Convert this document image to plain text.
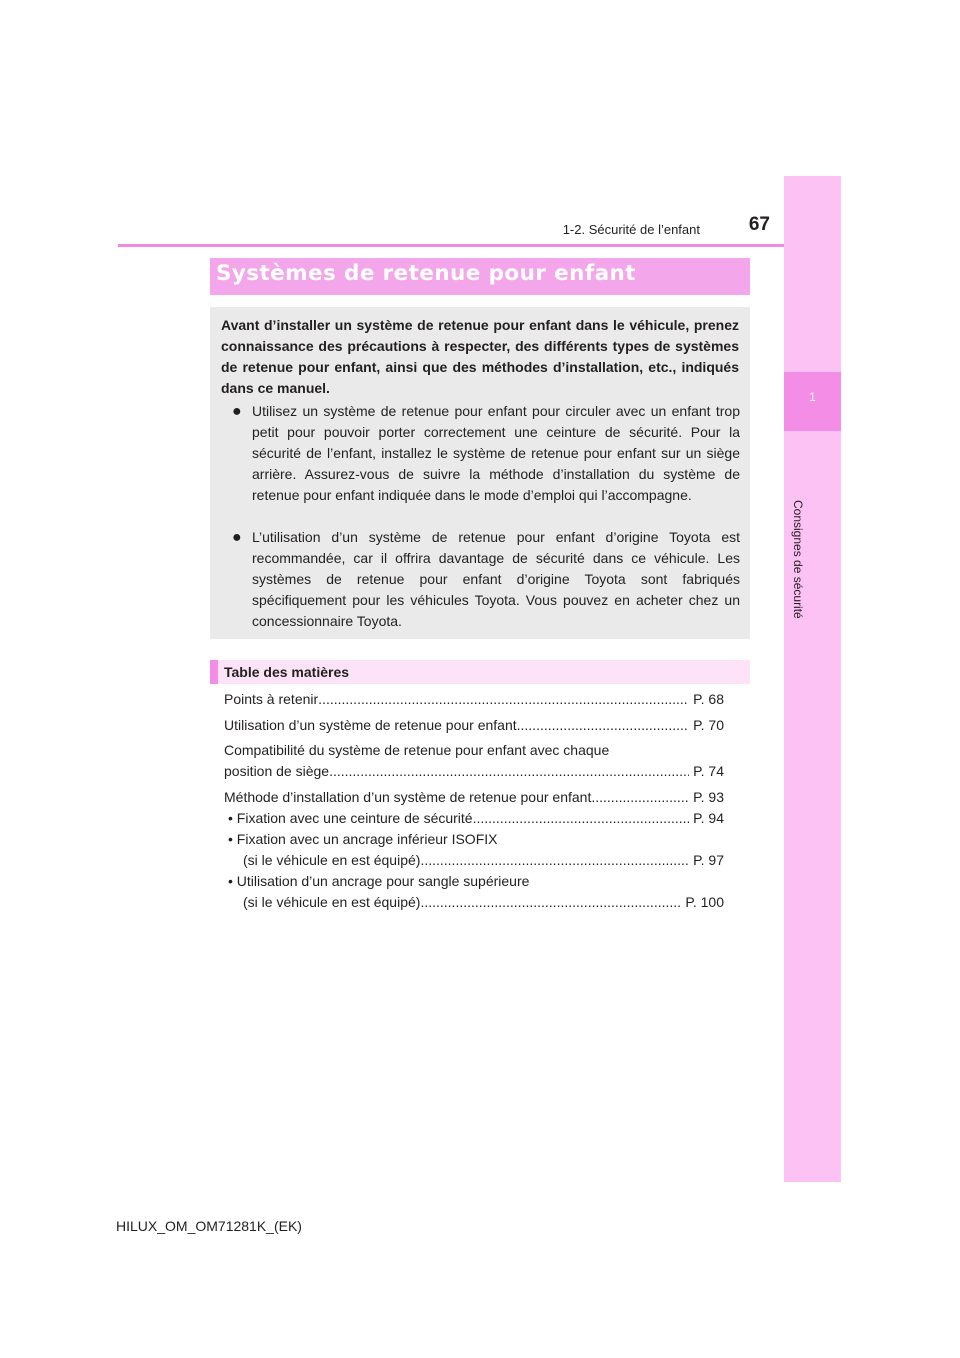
67
1-2. Sécurité de l’enfant
1
Consignes de sécurité
Systèmes de retenue pour enfant
Avant d’installer un système de retenue pour enfant dans le véhicule, prenez connaissance des précautions à respecter, des différents types de systèmes de retenue pour enfant, ainsi que des méthodes d’installation, etc., indiqués dans ce manuel.
● Utilisez un système de retenue pour enfant pour circuler avec un enfant trop petit pour pouvoir porter correctement une ceinture de sécurité. Pour la sécurité de l’enfant, installez le système de retenue pour enfant sur un siège arrière. Assurez-vous de suivre la méthode d’installation du système de retenue pour enfant indiquée dans le mode d’emploi qui l’accompagne.
● L’utilisation d’un système de retenue pour enfant d’origine Toyota est recommandée, car il offrira davantage de sécurité dans ce véhicule. Les systèmes de retenue pour enfant d’origine Toyota sont fabriqués spécifiquement pour les véhicules Toyota. Vous pouvez en acheter chez un concessionnaire Toyota.
Table des matières
Points à retenir .....	P. 68
Utilisation d’un système de retenue pour enfant .....	P. 70
Compatibilité du système de retenue pour enfant avec chaque
position de siège .....	P. 74
Méthode d’installation d’un système de retenue pour enfant .....	P. 93
• Fixation avec une ceinture de sécurité .....	P. 94
• Fixation avec un ancrage inférieur ISOFIX
(si le véhicule en est équipé) .....	P. 97
• Utilisation d’un ancrage pour sangle supérieure
(si le véhicule en est équipé) .....	P. 100
HILUX_OM_OM71281K_(EK)
